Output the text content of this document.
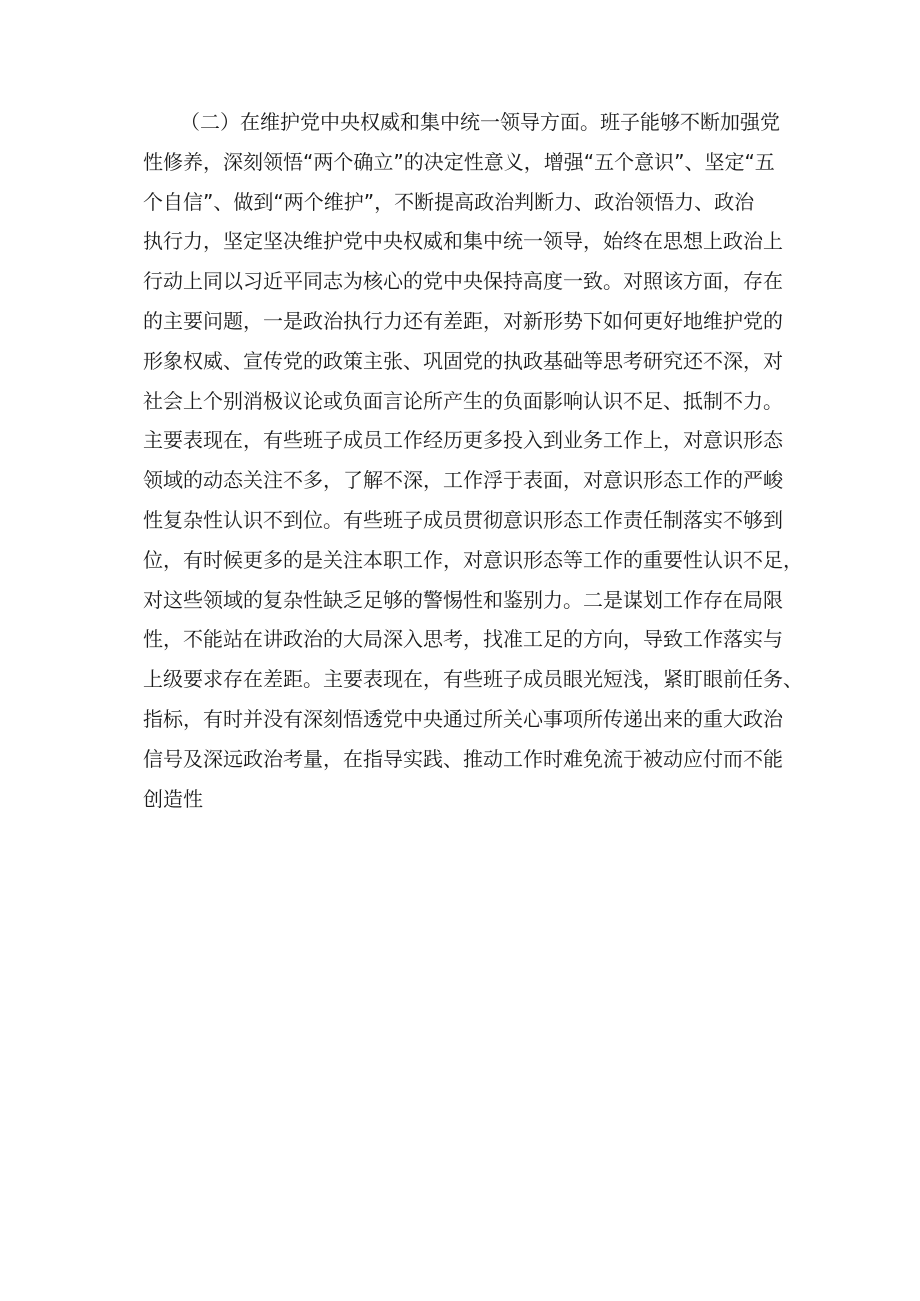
（二）在维护党中央权威和集中统一领导方面。班子能够不断加强党
性修养，深刻领悟“两个确立”的决定性意义，增强“五个意识”、坚定“五
个自信”、做到“两个维护”，不断提高政治判断力、政治领悟力、政治
执行力，坚定坚决维护党中央权威和集中统一领导，始终在思想上政治上
行动上同以习近平同志为核心的党中央保持高度一致。对照该方面，存在
的主要问题，一是政治执行力还有差距，对新形势下如何更好地维护党的
形象权威、宣传党的政策主张、巩固党的执政基础等思考研究还不深，对
社会上个别消极议论或负面言论所产生的负面影响认识不足、抵制不力。
主要表现在，有些班子成员工作经历更多投入到业务工作上，对意识形态
领域的动态关注不多，了解不深，工作浮于表面，对意识形态工作的严峻
性复杂性认识不到位。有些班子成员贯彻意识形态工作责任制落实不够到
位，有时候更多的是关注本职工作，对意识形态等工作的重要性认识不足，
对这些领域的复杂性缺乏足够的警惕性和鉴别力。二是谋划工作存在局限
性，不能站在讲政治的大局深入思考，找准工足的方向，导致工作落实与
上级要求存在差距。主要表现在，有些班子成员眼光短浅，紧盯眼前任务、
指标，有时并没有深刻悟透党中央通过所关心事项所传递出来的重大政治
信号及深远政治考量，在指导实践、推动工作时难免流于被动应付而不能
创造性
